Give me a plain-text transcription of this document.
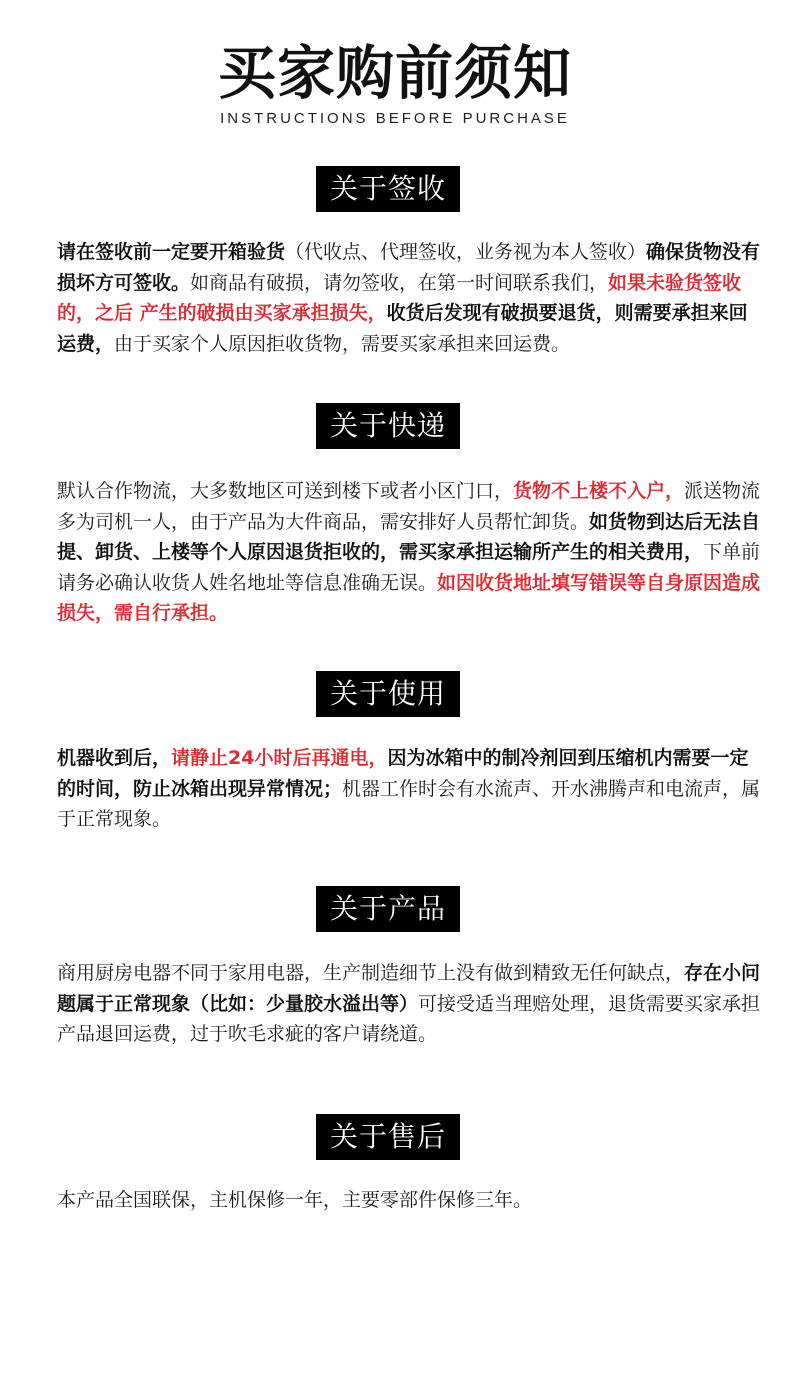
买家购前须知
INSTRUCTIONS BEFORE PURCHASE
关于签收

请在签收前一定要开箱验货（代收点、代理签收，业务视为本人签收）确保货物没有损坏方可签收。如商品有破损，请勿签收，在第一时间联系我们，如果未验货签收的，之后 产生的破损由买家承担损失，收货后发现有破损要退货，则需要承担来回运费，由于买家个人原因拒收货物，需要买家承担来回运费。

关于快递

默认合作物流，大多数地区可送到楼下或者小区门口，货物不上楼不入户，派送物流多为司机一人，由于产品为大件商品，需安排好人员帮忙卸货。如货物到达后无法自提、卸货、上楼等个人原因退货拒收的，需买家承担运输所产生的相关费用，下单前请务必确认收货人姓名地址等信息准确无误。如因收货地址填写错误等自身原因造成损失，需自行承担。

关于使用

机器收到后，请静止24小时后再通电，因为冰箱中的制冷剂回到压缩机内需要一定的时间，防止冰箱出现异常情况；机器工作时会有水流声、开水沸腾声和电流声，属于正常现象。

关于产品

商用厨房电器不同于家用电器，生产制造细节上没有做到精致无任何缺点，存在小问题属于正常现象（比如：少量胶水溢出等）可接受适当理赔处理，退货需要买家承担产品退回运费，过于吹毛求疵的客户请绕道。

关于售后

本产品全国联保，主机保修一年，主要零部件保修三年。
